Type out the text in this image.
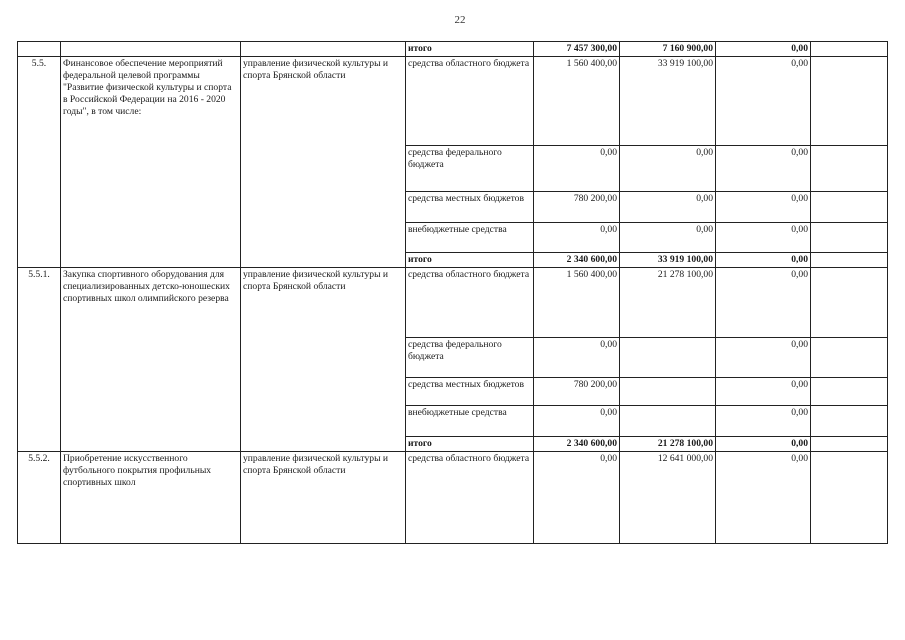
22
			итого	7 457 300,00	7 160 900,00	0,00	
5.5.	Финансовое обеспечение мероприятий федеральной целевой программы "Развитие физической культуры и спорта в Российской Федерации на 2016 - 2020 годы", в том числе:	управление физической культуры и спорта Брянской области	средства областного бюджета	1 560 400,00	33 919 100,00	0,00	
			средства федерального бюджета	0,00	0,00	0,00	
			средства местных бюджетов	780 200,00	0,00	0,00	
			внебюджетные средства	0,00	0,00	0,00	
			итого	2 340 600,00	33 919 100,00	0,00	
5.5.1.	Закупка спортивного оборудования для специализированных детско-юношеских спортивных школ олимпийского резерва	управление физической культуры и спорта Брянской области	средства областного бюджета	1 560 400,00	21 278 100,00	0,00	
			средства федерального бюджета	0,00		0,00	
			средства местных бюджетов	780 200,00		0,00	
			внебюджетные средства	0,00		0,00	
			итого	2 340 600,00	21 278 100,00	0,00	
5.5.2.	Приобретение искусственного футбольного покрытия профильных спортивных школ	управление физической культуры и спорта Брянской области	средства областного бюджета	0,00	12 641 000,00	0,00	
